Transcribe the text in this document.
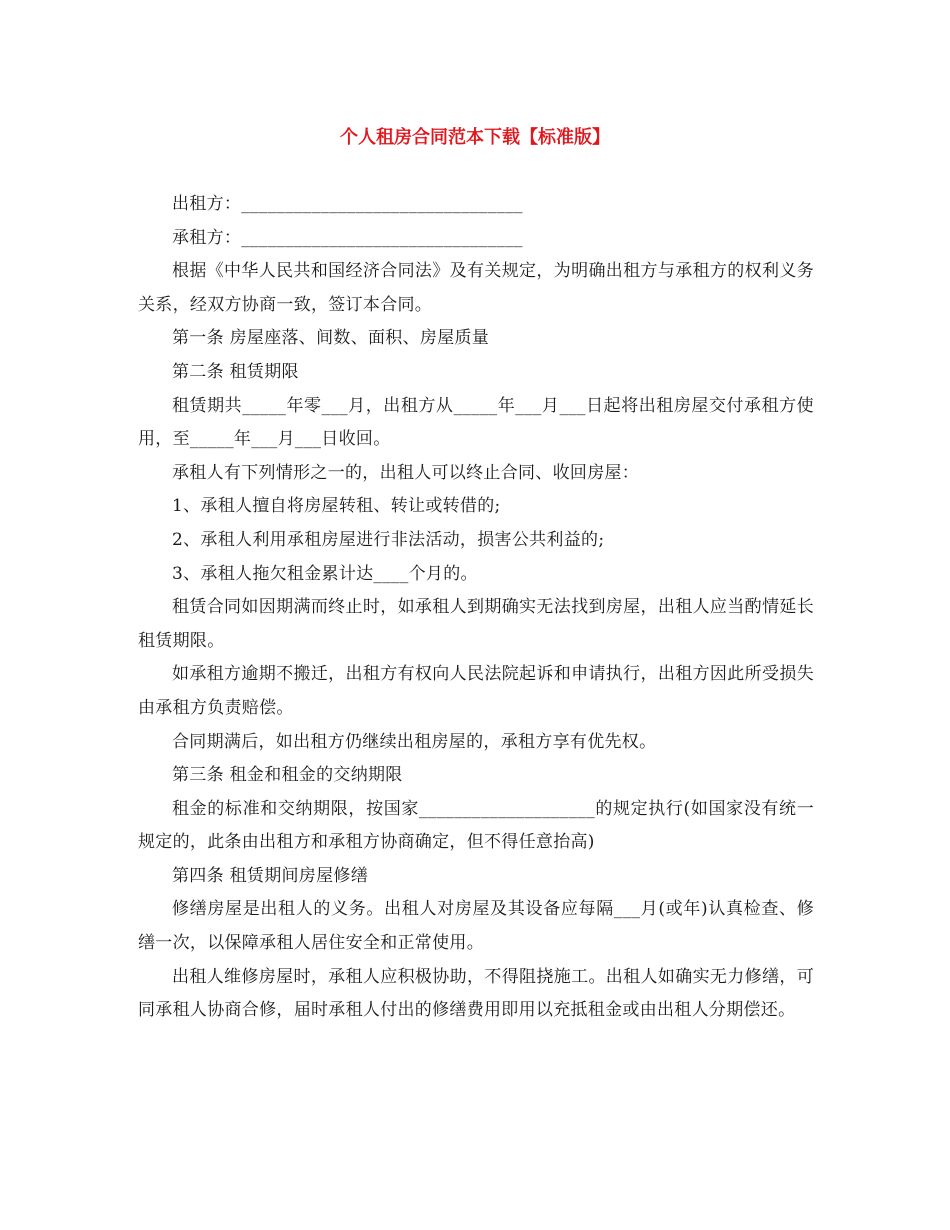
个人租房合同范本下载【标准版】

出租方：________________________________

承租方：________________________________

根据《中华人民共和国经济合同法》及有关规定，为明确出租方与承租方的权利义务关系，经双方协商一致，签订本合同。

第一条 房屋座落、间数、面积、房屋质量

第二条 租赁期限

租赁期共_____年零___月，出租方从_____年___月___日起将出租房屋交付承租方使用，至_____年___月___日收回。

承租人有下列情形之一的，出租人可以终止合同、收回房屋：

1、承租人擅自将房屋转租、转让或转借的;

2、承租人利用承租房屋进行非法活动，损害公共利益的;

3、承租人拖欠租金累计达____个月的。

租赁合同如因期满而终止时，如承租人到期确实无法找到房屋，出租人应当酌情延长租赁期限。

如承租方逾期不搬迁，出租方有权向人民法院起诉和申请执行，出租方因此所受损失由承租方负责赔偿。

合同期满后，如出租方仍继续出租房屋的，承租方享有优先权。

第三条 租金和租金的交纳期限

租金的标准和交纳期限，按国家____________________的规定执行(如国家没有统一规定的，此条由出租方和承租方协商确定，但不得任意抬高)

第四条 租赁期间房屋修缮

修缮房屋是出租人的义务。出租人对房屋及其设备应每隔___月(或年)认真检查、修缮一次，以保障承租人居住安全和正常使用。

出租人维修房屋时，承租人应积极协助，不得阻挠施工。出租人如确实无力修缮，可同承租人协商合修，届时承租人付出的修缮费用即用以充抵租金或由出租人分期偿还。
